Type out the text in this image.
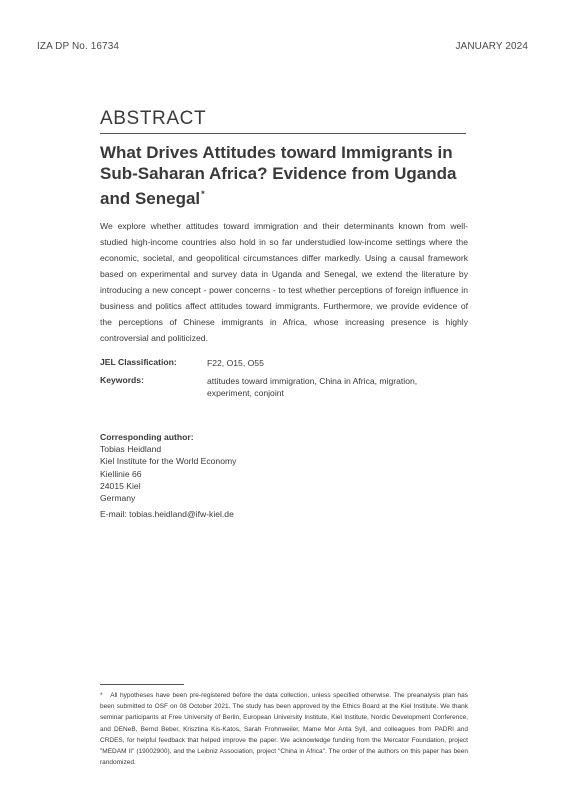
IZA DP No. 16734	JANUARY 2024
ABSTRACT
What Drives Attitudes toward Immigrants in Sub-Saharan Africa? Evidence from Uganda and Senegal*
We explore whether attitudes toward immigration and their determinants known from well-studied high-income countries also hold in so far understudied low-income settings where the economic, societal, and geopolitical circumstances differ markedly. Using a causal framework based on experimental and survey data in Uganda and Senegal, we extend the literature by introducing a new concept - power concerns - to test whether perceptions of foreign influence in business and politics affect attitudes toward immigrants. Furthermore, we provide evidence of the perceptions of Chinese immigrants in Africa, whose increasing presence is highly controversial and politicized.
JEL Classification:	F22, O15, O55
Keywords:	attitudes toward immigration, China in Africa, migration, experiment, conjoint
Corresponding author:
Tobias Heidland
Kiel Institute for the World Economy
Kiellinie 66
24015 Kiel
Germany
E-mail: tobias.heidland@ifw-kiel.de
* All hypotheses have been pre-registered before the data collection, unless specified otherwise. The preanalysis plan has been submitted to OSF on 08 October 2021. The study has been approved by the Ethics Board at the Kiel Institute. We thank seminar participants at Free University of Berlin, European University Institute, Kiel Institute, Nordic Development Conference, and DENeB, Bernd Beber, Krisztina Kis-Katos, Sarah Frohnweiler, Mame Mor Anta Syll, and colleagues from PADRI and CRDES, for helpful feedback that helped improve the paper. We acknowledge funding from the Mercator Foundation, project "MEDAM II" (19002900), and the Leibniz Association, project "China in Africa". The order of the authors on this paper has been randomized.
